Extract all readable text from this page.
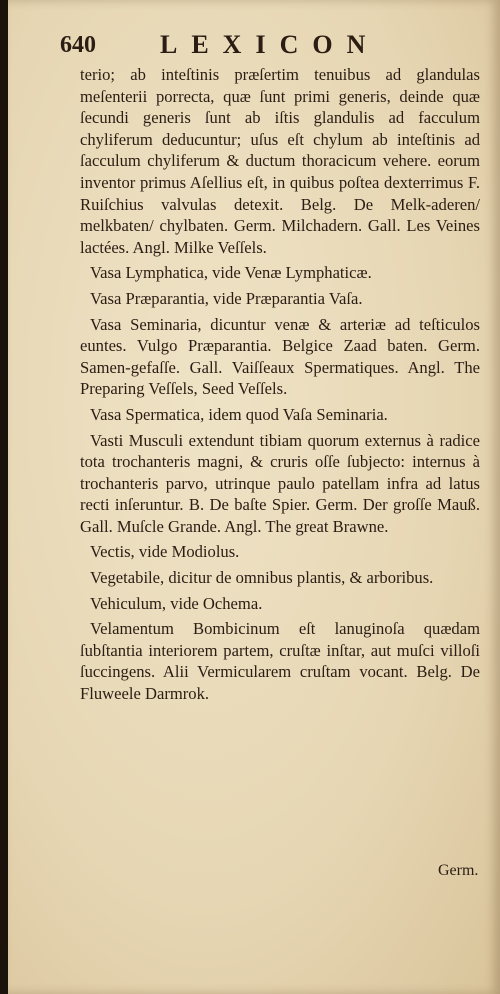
640 LEXICON

terio; ab inteſtinis præſertim tenuibus ad glandulas meſenterii porrecta, quæ ſunt primi generis, deinde quæ ſecundi generis ſunt ab iſtis glandulis ad facculum chyliferum deducuntur; uſus eſt chylum ab inteſtinis ad ſacculum chyliferum & ductum thoracicum vehere. eorum inventor primus Aſellius eſt, in quibus poſtea dexterrimus F. Ruiſchius valvulas detexit. Belg. De Melk-aderen/ melkbaten/ chylbaten. Germ. Milchadern. Gall. Les Veines lactées. Angl. Milke Veſſels.

Vasa Lymphatica, vide Venæ Lymphaticæ.

Vasa Præparantia, vide Præparantia Vaſa.

Vasa Seminaria, dicuntur venæ & arteriæ ad teſticulos euntes. Vulgo Præparantia. Belgice Zaad baten. Germ. Samen-gefaſſe. Gall. Vaiſſeaux Spermatiques. Angl. The Preparing Veſſels, Seed Veſſels.

Vasa Spermatica, idem quod Vaſa Seminaria.

Vasti Musculi extendunt tibiam quorum externus à radice tota trochanteris magni, & cruris oſſe ſubjecto: internus à trochanteris parvo, utrinque paulo patellam infra ad latus recti inſeruntur. B. De baſte Spier. Germ. Der groſſe Mauß. Gall. Muſcle Grande. Angl. The great Brawne.

Vectis, vide Modiolus.

Vegetabile, dicitur de omnibus plantis, & arboribus.

Vehiculum, vide Ochema.

Velamentum Bombicinum eſt lanuginoſa quædam ſubſtantia interiorem partem, cruſtæ inſtar, aut muſci villoſi ſuccingens. Alii Vermicularem cruſtam vocant. Belg. De Fluweele Darmrok.

Germ.
